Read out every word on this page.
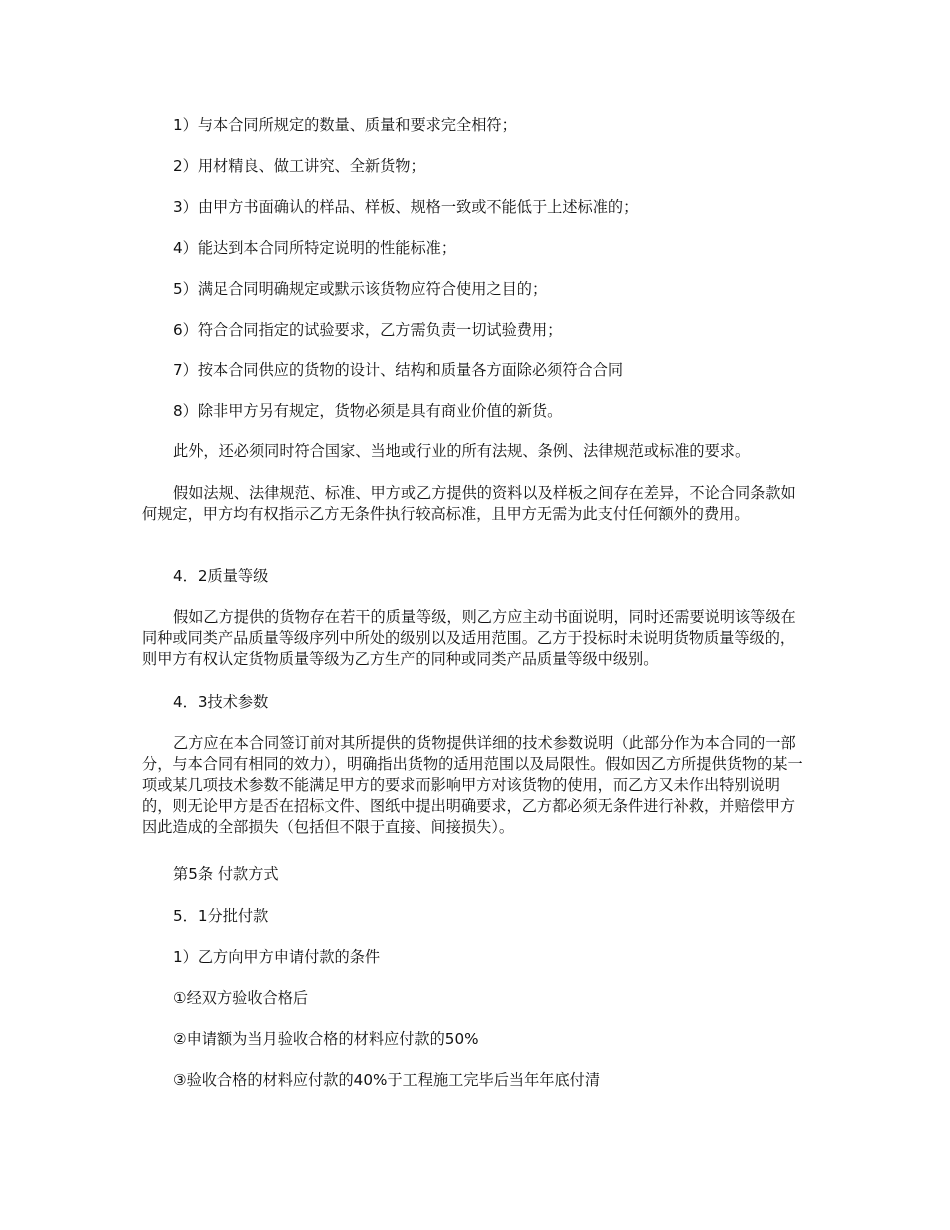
1）与本合同所规定的数量、质量和要求完全相符；

2）用材精良、做工讲究、全新货物；

3）由甲方书面确认的样品、样板、规格一致或不能低于上述标准的；

4）能达到本合同所特定说明的性能标准；

5）满足合同明确规定或默示该货物应符合使用之目的；

6）符合合同指定的试验要求，乙方需负责一切试验费用；

7）按本合同供应的货物的设计、结构和质量各方面除必须符合合同

8）除非甲方另有规定，货物必须是具有商业价值的新货。

此外，还必须同时符合国家、当地或行业的所有法规、条例、法律规范或标准的要求。

假如法规、法律规范、标准、甲方或乙方提供的资料以及样板之间存在差异，不论合同条款如何规定，甲方均有权指示乙方无条件执行较高标准，且甲方无需为此支付任何额外的费用。

4．2质量等级

假如乙方提供的货物存在若干的质量等级，则乙方应主动书面说明，同时还需要说明该等级在同种或同类产品质量等级序列中所处的级别以及适用范围。乙方于投标时未说明货物质量等级的，则甲方有权认定货物质量等级为乙方生产的同种或同类产品质量等级中级别。

4．3技术参数

乙方应在本合同签订前对其所提供的货物提供详细的技术参数说明（此部分作为本合同的一部分，与本合同有相同的效力），明确指出货物的适用范围以及局限性。假如因乙方所提供货物的某一项或某几项技术参数不能满足甲方的要求而影响甲方对该货物的使用，而乙方又未作出特别说明的，则无论甲方是否在招标文件、图纸中提出明确要求，乙方都必须无条件进行补救，并赔偿甲方因此造成的全部损失（包括但不限于直接、间接损失）。

第5条 付款方式

5．1分批付款

1）乙方向甲方申请付款的条件

①经双方验收合格后

②申请额为当月验收合格的材料应付款的50%

③验收合格的材料应付款的40%于工程施工完毕后当年年底付清
